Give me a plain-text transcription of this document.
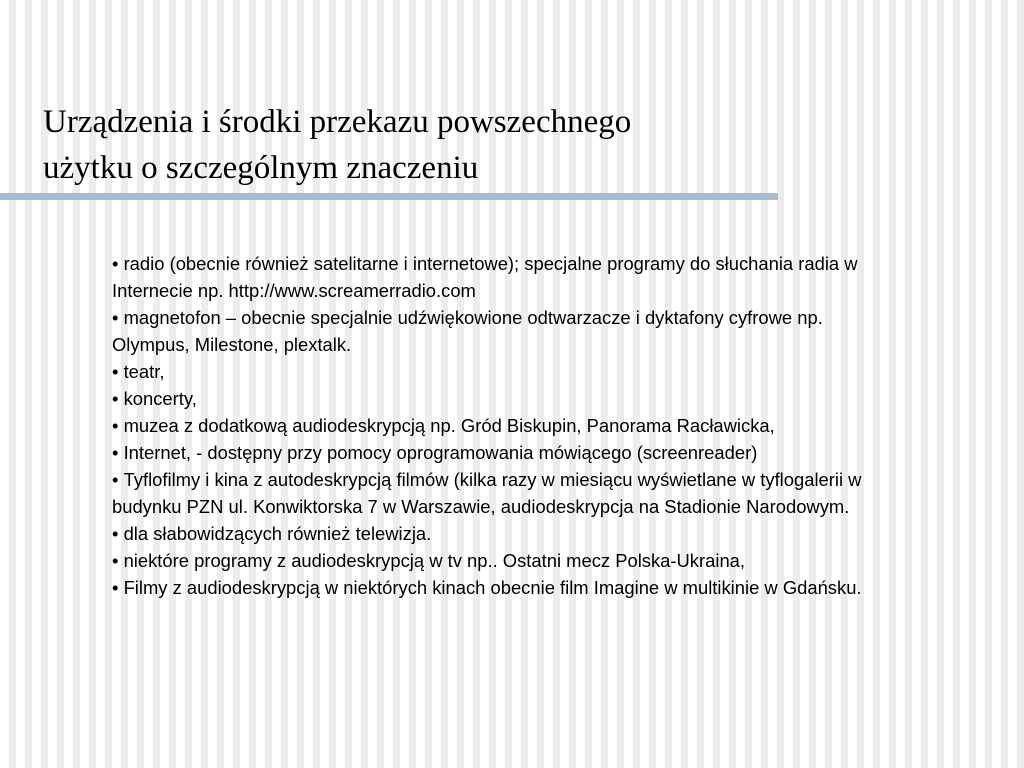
Urządzenia i środki przekazu powszechnego
użytku o szczególnym znaczeniu
• radio (obecnie również satelitarne i internetowe); specjalne programy do słuchania radia w Internecie np. http://www.screamerradio.com
• magnetofon – obecnie specjalnie udźwiękowione odtwarzacze i dyktafony cyfrowe np. Olympus, Milestone, plextalk.
• teatr,
• koncerty,
• muzea z dodatkową audiodeskrypcją np. Gród Biskupin, Panorama Racławicka,
• Internet, - dostępny przy pomocy oprogramowania mówiącego (screenreader)
• Tyflofilmy i kina z autodeskrypcją filmów (kilka razy w miesiącu wyświetlane w tyflogalerii w budynku PZN ul. Konwiktorska 7 w Warszawie, audiodeskrypcja na Stadionie Narodowym.
• dla słabowidzących również telewizja.
• niektóre programy z audiodeskrypcją w tv np.. Ostatni mecz Polska-Ukraina,
• Filmy z audiodeskrypcją w niektórych kinach obecnie film Imagine w multikinie w Gdańsku.
